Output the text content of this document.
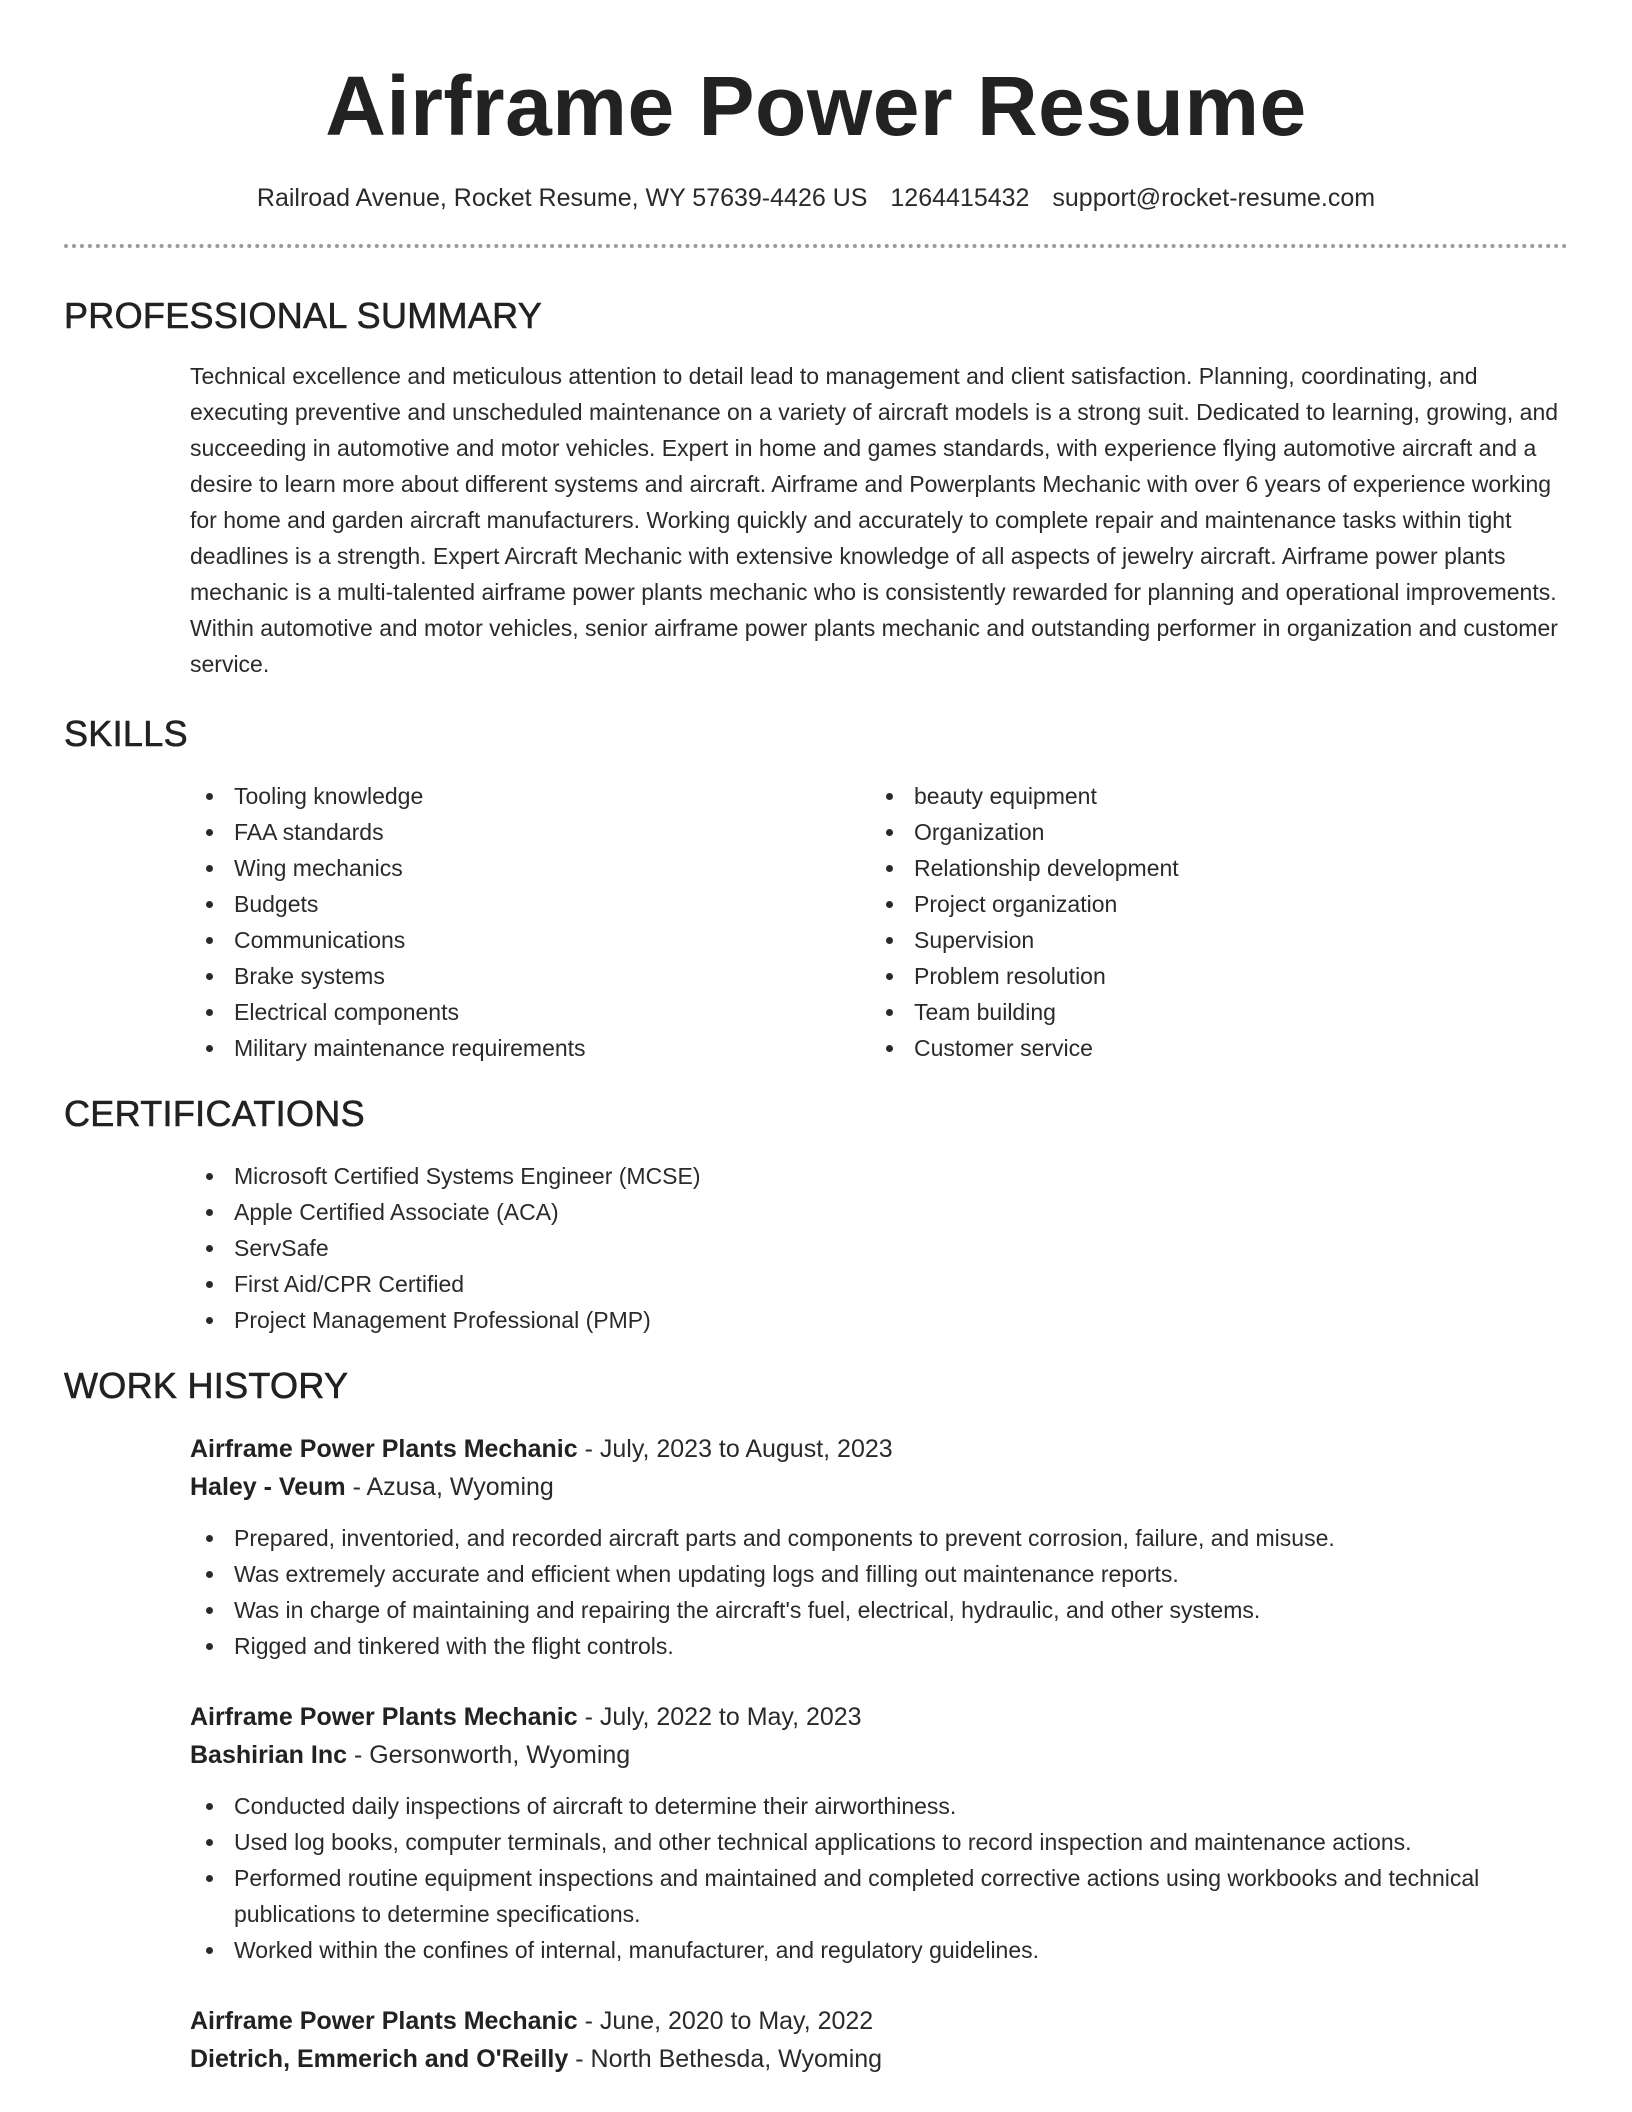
Airframe Power Resume
Railroad Avenue, Rocket Resume, WY 57639-4426 US 1264415432 support@rocket-resume.com
PROFESSIONAL SUMMARY
Technical excellence and meticulous attention to detail lead to management and client satisfaction. Planning, coordinating, and executing preventive and unscheduled maintenance on a variety of aircraft models is a strong suit. Dedicated to learning, growing, and succeeding in automotive and motor vehicles. Expert in home and games standards, with experience flying automotive aircraft and a desire to learn more about different systems and aircraft. Airframe and Powerplants Mechanic with over 6 years of experience working for home and garden aircraft manufacturers. Working quickly and accurately to complete repair and maintenance tasks within tight deadlines is a strength. Expert Aircraft Mechanic with extensive knowledge of all aspects of jewelry aircraft. Airframe power plants mechanic is a multi-talented airframe power plants mechanic who is consistently rewarded for planning and operational improvements. Within automotive and motor vehicles, senior airframe power plants mechanic and outstanding performer in organization and customer service.
SKILLS
Tooling knowledge
FAA standards
Wing mechanics
Budgets
Communications
Brake systems
Electrical components
Military maintenance requirements
beauty equipment
Organization
Relationship development
Project organization
Supervision
Problem resolution
Team building
Customer service
CERTIFICATIONS
Microsoft Certified Systems Engineer (MCSE)
Apple Certified Associate (ACA)
ServSafe
First Aid/CPR Certified
Project Management Professional (PMP)
WORK HISTORY
Airframe Power Plants Mechanic - July, 2023 to August, 2023
Haley - Veum - Azusa, Wyoming
Prepared, inventoried, and recorded aircraft parts and components to prevent corrosion, failure, and misuse.
Was extremely accurate and efficient when updating logs and filling out maintenance reports.
Was in charge of maintaining and repairing the aircraft's fuel, electrical, hydraulic, and other systems.
Rigged and tinkered with the flight controls.
Airframe Power Plants Mechanic - July, 2022 to May, 2023
Bashirian Inc - Gersonworth, Wyoming
Conducted daily inspections of aircraft to determine their airworthiness.
Used log books, computer terminals, and other technical applications to record inspection and maintenance actions.
Performed routine equipment inspections and maintained and completed corrective actions using workbooks and technical publications to determine specifications.
Worked within the confines of internal, manufacturer, and regulatory guidelines.
Airframe Power Plants Mechanic - June, 2020 to May, 2022
Dietrich, Emmerich and O'Reilly - North Bethesda, Wyoming
